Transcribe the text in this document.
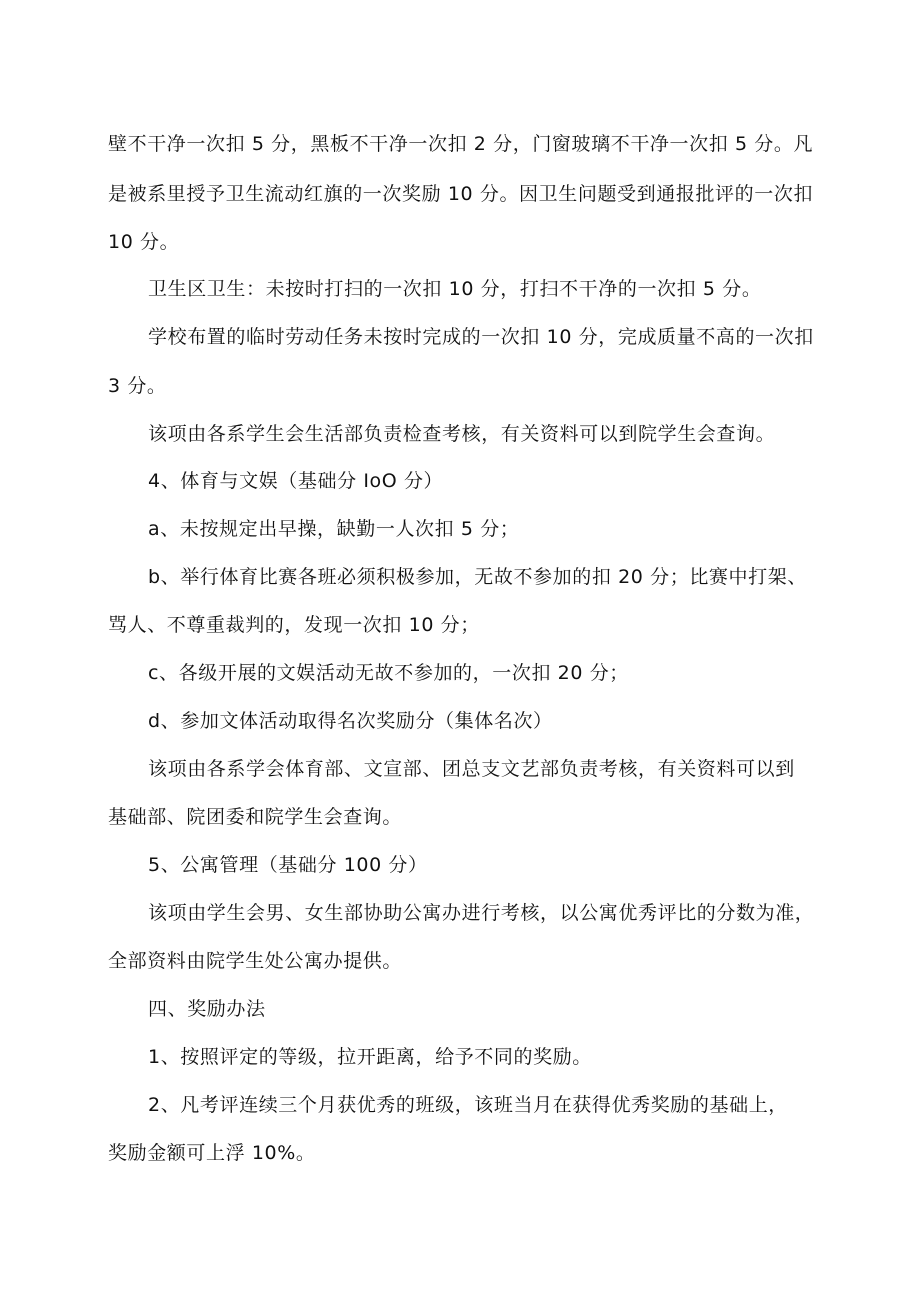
壁不干净一次扣 5 分，黑板不干净一次扣 2 分，门窗玻璃不干净一次扣 5 分。凡
是被系里授予卫生流动红旗的一次奖励 10 分。因卫生问题受到通报批评的一次扣
10 分。
卫生区卫生：未按时打扫的一次扣 10 分，打扫不干净的一次扣 5 分。
学校布置的临时劳动任务未按时完成的一次扣 10 分，完成质量不高的一次扣
3 分。
该项由各系学生会生活部负责检查考核，有关资料可以到院学生会查询。
4、体育与文娱（基础分 IoO 分）
a、未按规定出早操，缺勤一人次扣 5 分；
b、举行体育比赛各班必须积极参加，无故不参加的扣 20 分；比赛中打架、
骂人、不尊重裁判的，发现一次扣 10 分；
c、各级开展的文娱活动无故不参加的，一次扣 20 分；
d、参加文体活动取得名次奖励分（集体名次）
该项由各系学会体育部、文宣部、团总支文艺部负责考核，有关资料可以到
基础部、院团委和院学生会查询。
5、公寓管理（基础分 100 分）
该项由学生会男、女生部协助公寓办进行考核，以公寓优秀评比的分数为准，
全部资料由院学生处公寓办提供。
四、奖励办法
1、按照评定的等级，拉开距离，给予不同的奖励。
2、凡考评连续三个月获优秀的班级，该班当月在获得优秀奖励的基础上，
奖励金额可上浮 10%。
